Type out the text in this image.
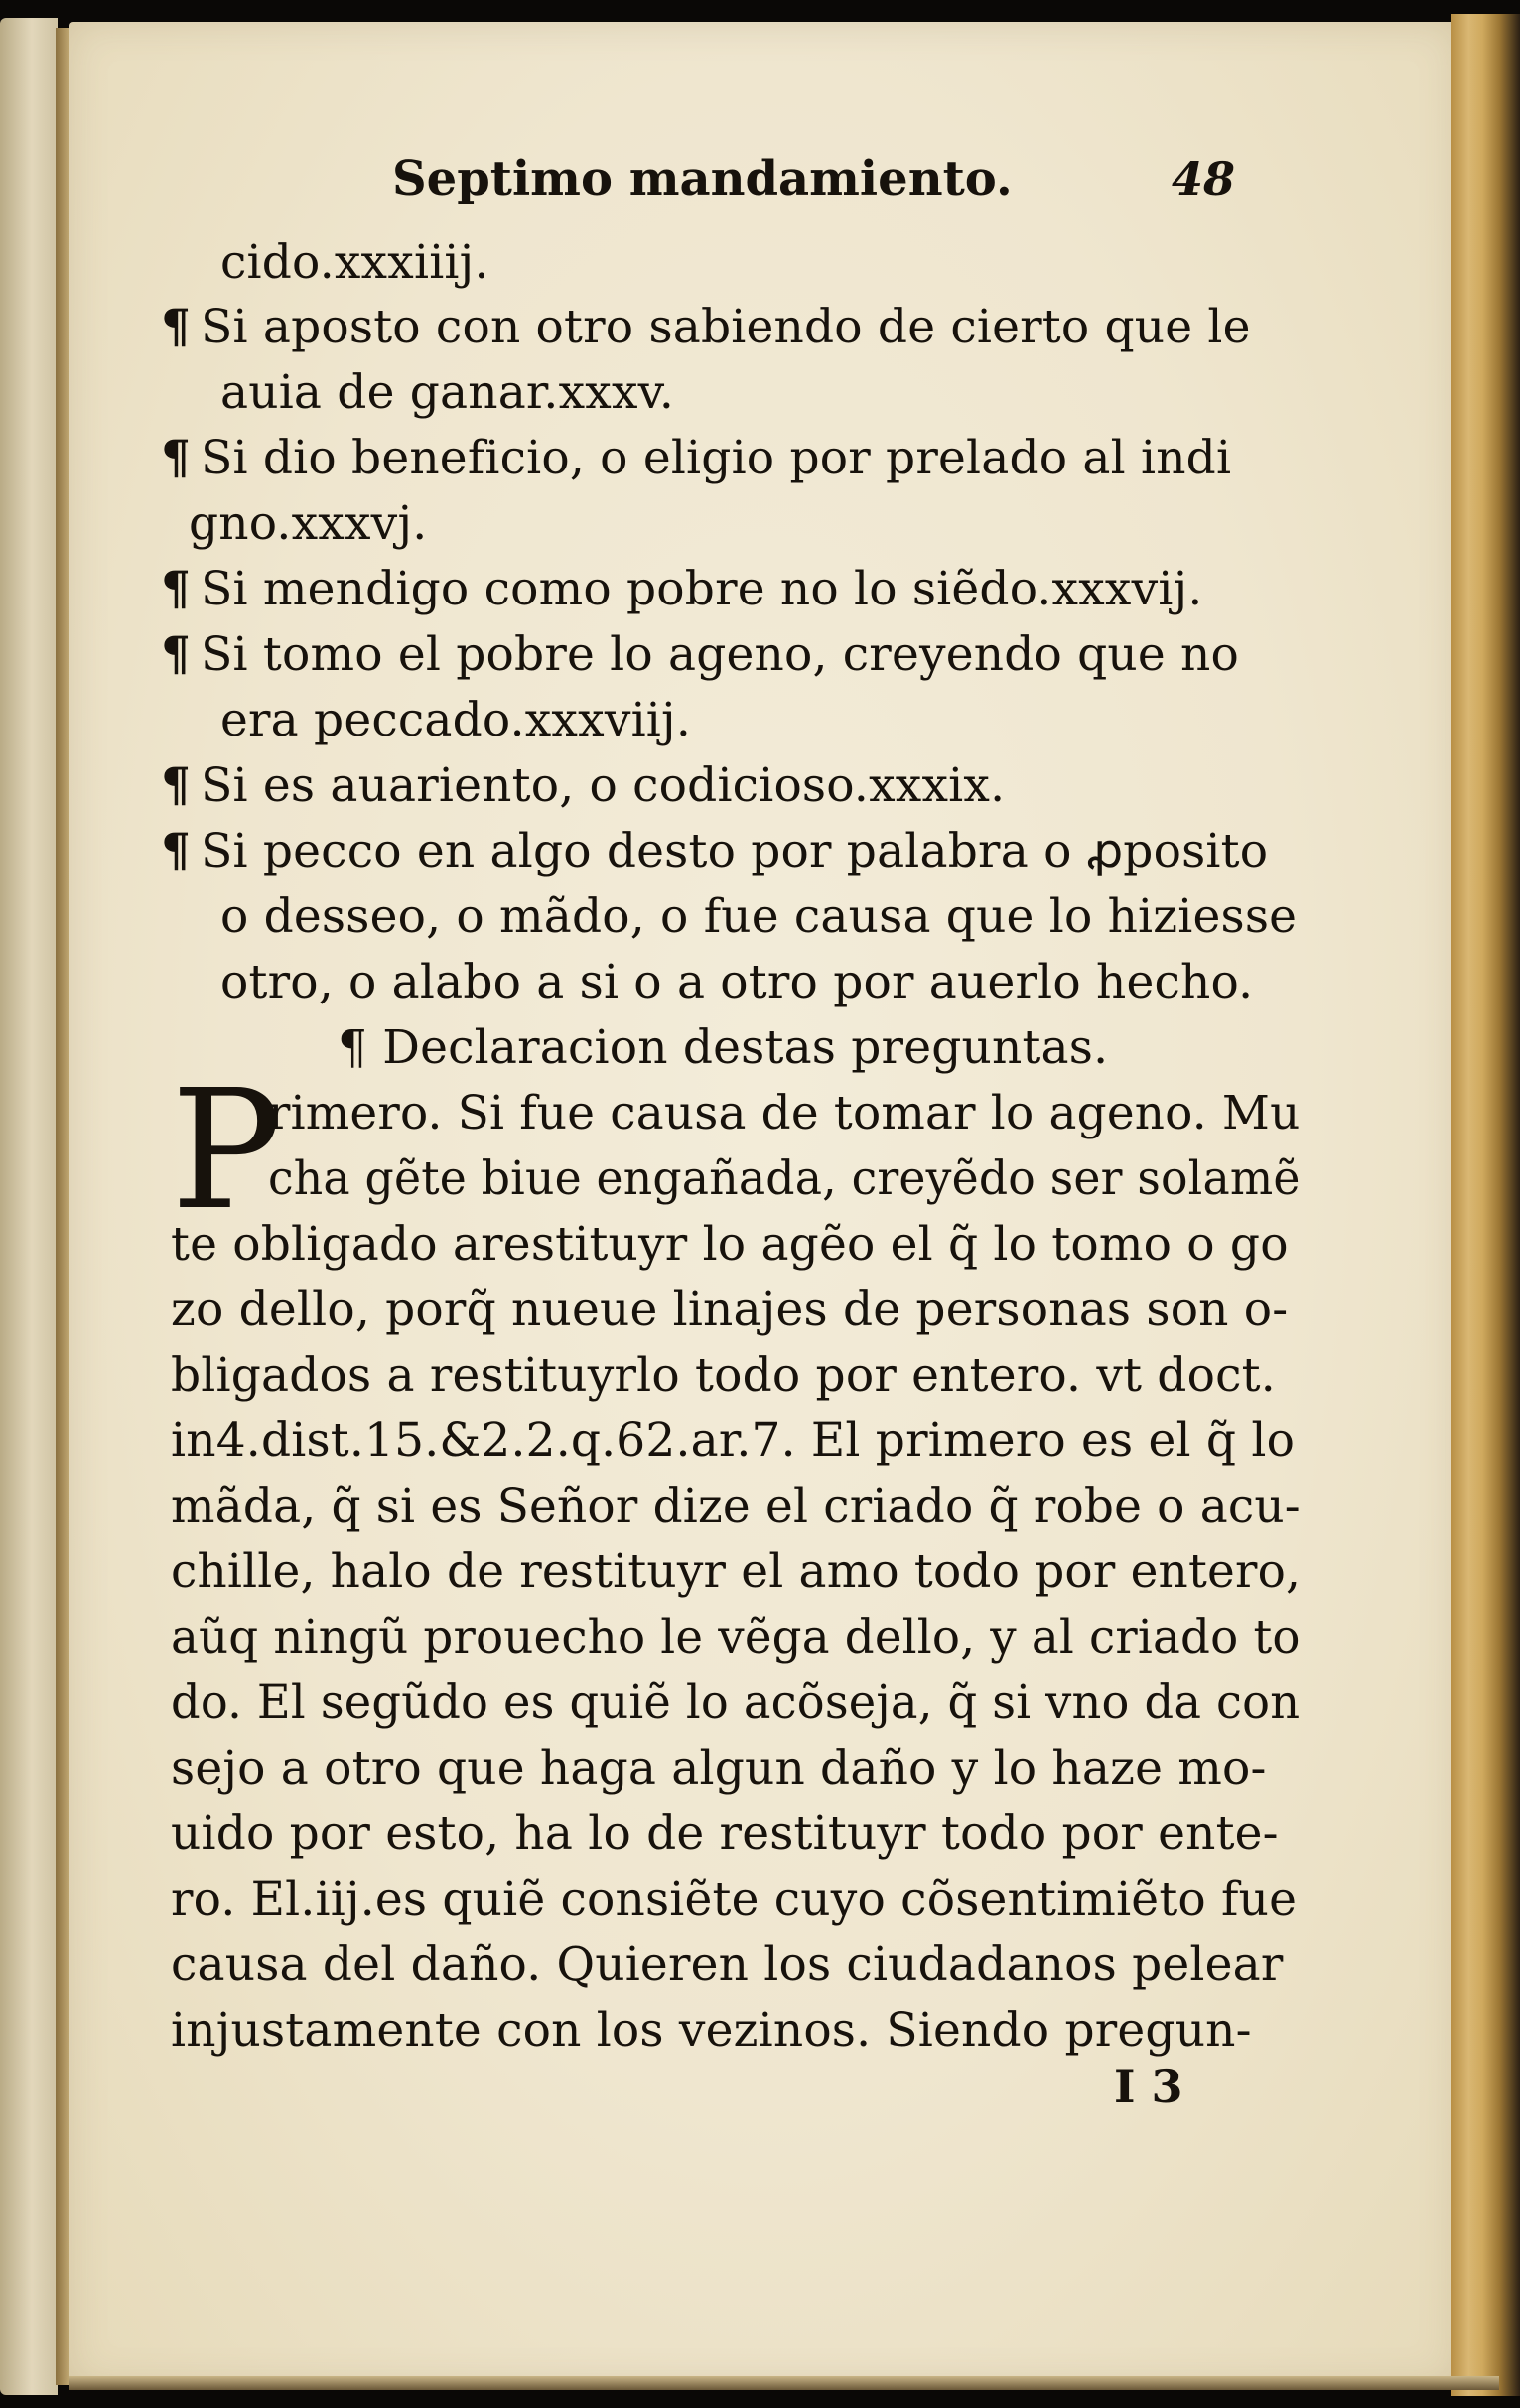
Septimo mandamiento.	48
cido.xxxiiij.
¶ Si aposto con otro sabiendo de cierto que le
auia de ganar.xxxv.
¶ Si dio beneficio, o eligio por prelado al indi
gno.xxxvj.
¶ Si mendigo como pobre no lo siẽdo.xxxvij.
¶ Si tomo el pobre lo ageno, creyendo que no
era peccado.xxxviij.
¶ Si es auariento, o codicioso.xxxix.
¶ Si pecco en algo desto por palabra o ꝓposito
o desseo, o mãdo, o fue causa que lo hiziesse
otro, o alabo a si o a otro por auerlo hecho.
¶ Declaracion destas preguntas.
P
rimero. Si fue causa de tomar lo ageno. Mu
cha gẽte biue engañada, creyẽdo ser solamẽ
te obligado arestituyr lo agẽo el q̃ lo tomo o go
zo dello, porq̃ nueue linajes de personas son o-
bligados a restituyrlo todo por entero. vt doct.
in4.dist.15.&2.2.q.62.ar.7. El primero es el q̃ lo
mãda, q̃ si es Señor dize el criado q̃ robe o acu-
chille, halo de restituyr el amo todo por entero,
aũq ningũ prouecho le vẽga dello, y al criado to
do. El segũdo es quiẽ lo acõseja, q̃ si vno da con
sejo a otro que haga algun daño y lo haze mo-
uido por esto, ha lo de restituyr todo por ente-
ro. El.iij.es quiẽ consiẽte cuyo cõsentimiẽto fue
causa del daño. Quieren los ciudadanos pelear
injustamente con los vezinos. Siendo pregun-
I 3
